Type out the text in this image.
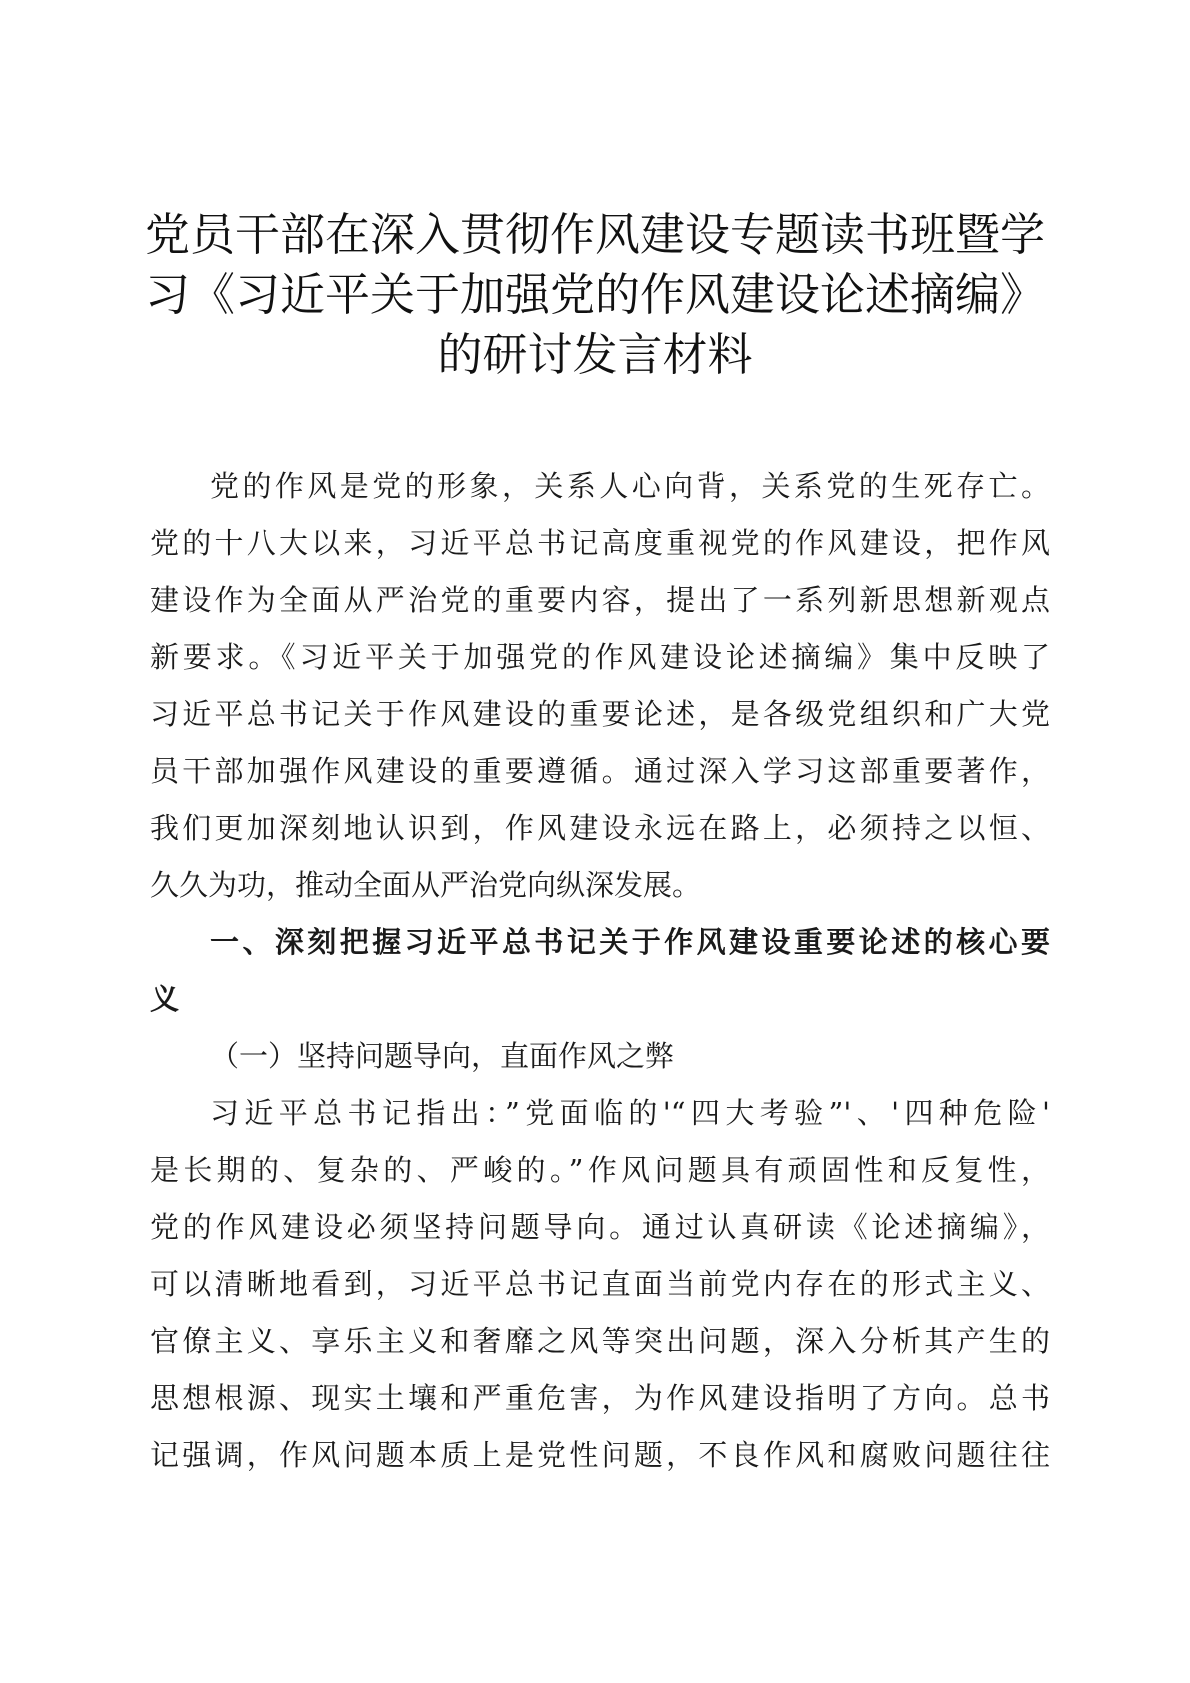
党员干部在深入贯彻作风建设专题读书班暨学
习《习近平关于加强党的作风建设论述摘编》
的研讨发言材料
党的作风是党的形象，关系人心向背，关系党的生死存亡。
党的十八大以来，习近平总书记高度重视党的作风建设，把作风
建设作为全面从严治党的重要内容，提出了一系列新思想新观点
新要求。《习近平关于加强党的作风建设论述摘编》集中反映了
习近平总书记关于作风建设的重要论述，是各级党组织和广大党
员干部加强作风建设的重要遵循。通过深入学习这部重要著作，
我们更加深刻地认识到，作风建设永远在路上，必须持之以恒、
久久为功，推动全面从严治党向纵深发展。
一、深刻把握习近平总书记关于作风建设重要论述的核心要
义
（一）坚持问题导向，直面作风之弊
习近平总书记指出：”党面临的'“四大考验”'、'四种危险'
是长期的、复杂的、严峻的。”作风问题具有顽固性和反复性，
党的作风建设必须坚持问题导向。通过认真研读《论述摘编》，
可以清晰地看到，习近平总书记直面当前党内存在的形式主义、
官僚主义、享乐主义和奢靡之风等突出问题，深入分析其产生的
思想根源、现实土壤和严重危害，为作风建设指明了方向。总书
记强调，作风问题本质上是党性问题，不良作风和腐败问题往往
